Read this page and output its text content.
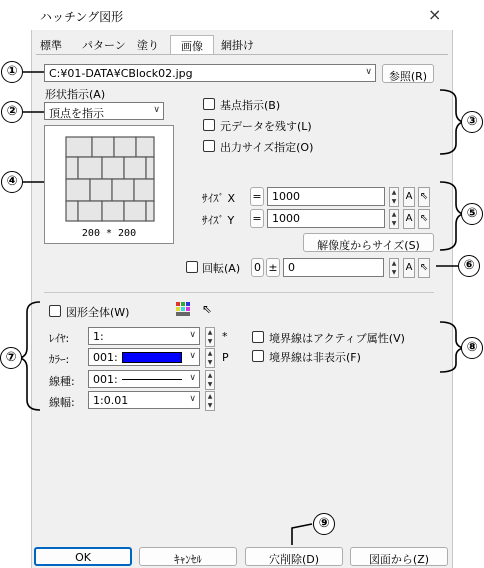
ハッチング図形	×
標準	パターン	塗り	画像	網掛け
C:¥01-DATA¥CBlock02.jpg	∨	参照(R)
形状指示(A)
頂点を指示	∨	基点指示(B)
元データを残す(L)
出力サイズ指定(O)
200 * 200
ｻｲｽﾞ X = 1000	▲
▼ A ⇖
ｻｲｽﾞ Y = 1000	▲
▼ A ⇖
解像度からサイズ(S)
回転(A) 0 ± 0	▲
▼ A ⇖
図形全体(W)	⇖
ﾚｲﾔ:	1:	∨	▲
▼ *
ｶﾗｰ:	001:	∨	▲
▼ P
線種:	001:	∨	▲
▼
線幅:	1:0.01	∨	▲
▼
境界線はアクティブ属性(V)
境界線は非表示(F)
OK	ｷｬﾝｾﾙ	穴削除(D)	図面から(Z)
①
②
③
④
⑤
⑥
⑦
⑧
⑨
